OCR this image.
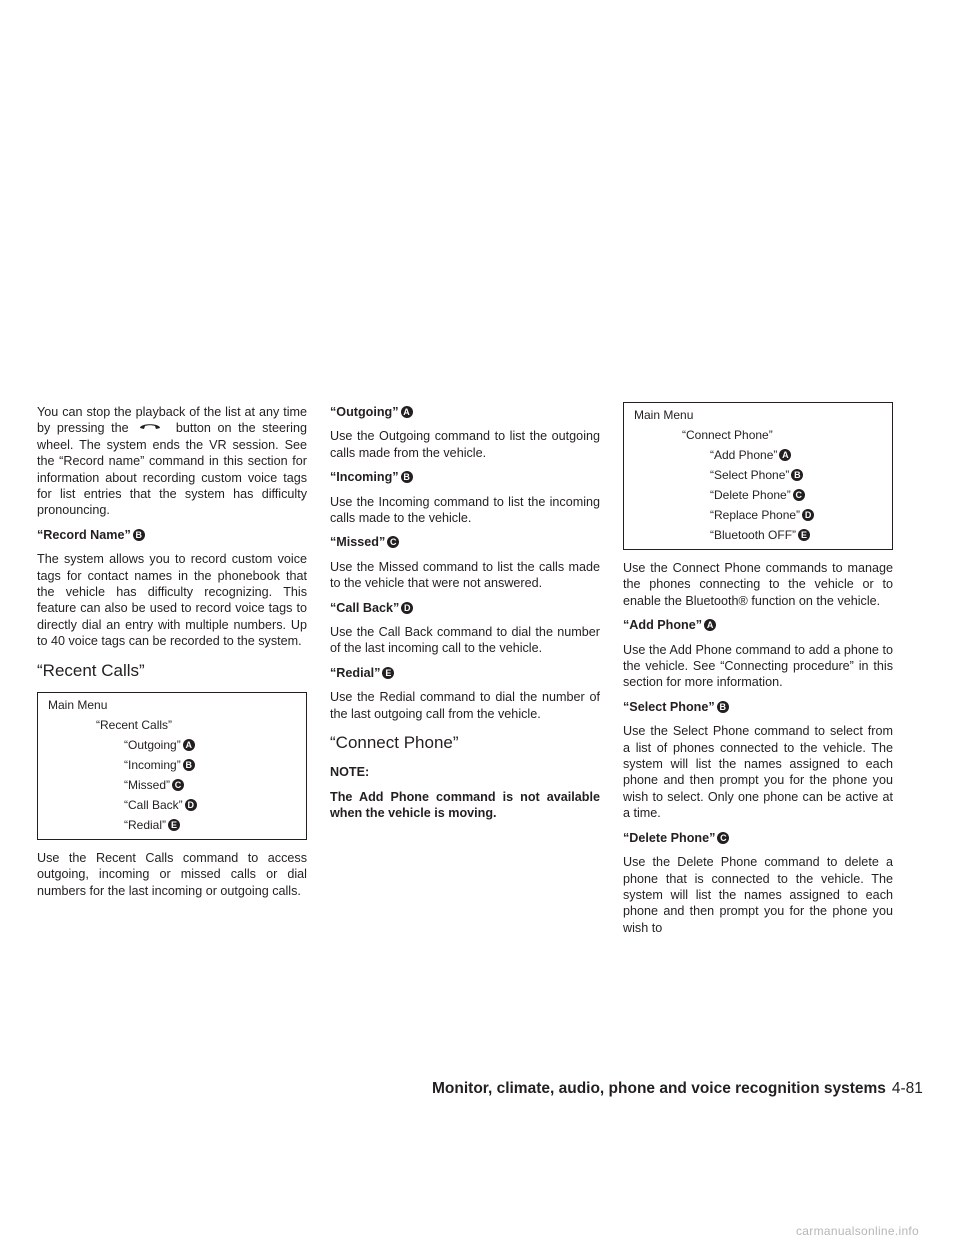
You can stop the playback of the list at any time by pressing the	button on the steering wheel. The system ends the VR session. See the “Record name” command in this section for information about recording custom voice tags for list entries that the system has difficulty pronouncing.

“Record Name” B

The system allows you to record custom voice tags for contact names in the phonebook that the vehicle has difficulty recognizing. This feature can also be used to record voice tags to directly dial an entry with multiple numbers. Up to 40 voice tags can be recorded to the system.

“Recent Calls”
Main Menu
“Recent Calls”
“Outgoing” A
“Incoming” B
“Missed” C
“Call Back” D
“Redial” E

Use the Recent Calls command to access outgoing, incoming or missed calls or dial numbers for the last incoming or outgoing calls.

“Outgoing” A

Use the Outgoing command to list the outgoing calls made from the vehicle.

“Incoming” B

Use the Incoming command to list the incoming calls made to the vehicle.

“Missed” C

Use the Missed command to list the calls made to the vehicle that were not answered.

“Call Back” D

Use the Call Back command to dial the number of the last incoming call to the vehicle.

“Redial” E

Use the Redial command to dial the number of the last outgoing call from the vehicle.

“Connect Phone”
NOTE:

The Add Phone command is not available when the vehicle is moving.

Main Menu
“Connect Phone”
“Add Phone” A
“Select Phone” B
“Delete Phone” C
“Replace Phone” D
“Bluetooth OFF” E

Use the Connect Phone commands to manage the phones connecting to the vehicle or to enable the Bluetooth® function on the vehicle.

“Add Phone” A

Use the Add Phone command to add a phone to the vehicle. See “Connecting procedure” in this section for more information.

“Select Phone” B

Use the Select Phone command to select from a list of phones connected to the vehicle. The system will list the names assigned to each phone and then prompt you for the phone you wish to select. Only one phone can be active at a time.

“Delete Phone” C

Use the Delete Phone command to delete a phone that is connected to the vehicle. The system will list the names assigned to each phone and then prompt you for the phone you wish to

Monitor, climate, audio, phone and voice recognition systems 4-81
carmanualsonline.info
